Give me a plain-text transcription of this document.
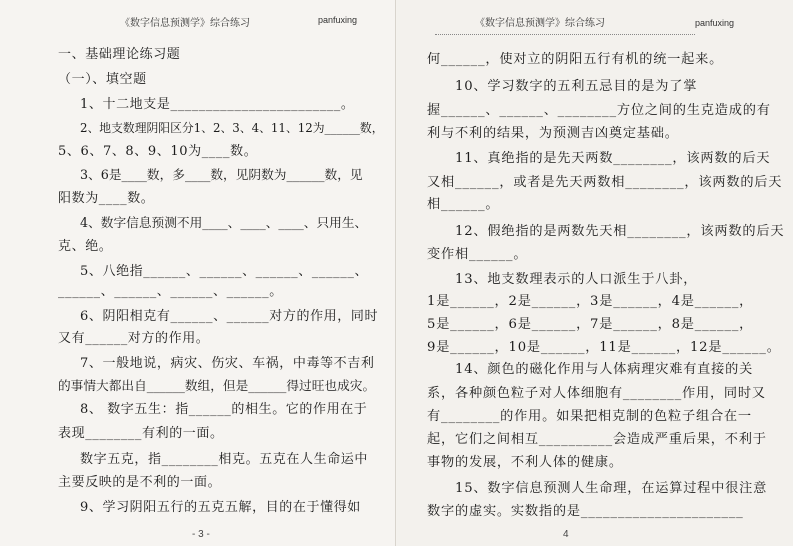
《数字信息预测学》综合练习	panfuxing
一、基础理论练习题
（一）、填空题
1、十二地支是________________________。
2、地支数理阴阳区分1、2、3、4、11、12为______数，
5、6、7、8、9、10为____数。
3、6是____数，多____数，见阴数为______数，见
阳数为____数。
4、数字信息预测不用____、____、____、只用生、
克、绝。
5、八绝指______、______、______、______、
______、______、______、______。
6、阴阳相克有______、______对方的作用，同时
又有______对方的作用。
7、一般地说，病灾、伤灾、车祸，中毒等不吉利
的事情大都出自______数组，但是______得过旺也成灾。
8、 数字五生：指______的相生。它的作用在于
表现________有利的一面。
数字五克，指________相克。五克在人生命运中
主要反映的是不利的一面。
9、学习阴阳五行的五克五解，目的在于懂得如
- 3 -
《数字信息预测学》综合练习	panfuxing
何______，使对立的阴阳五行有机的统一起来。
10、学习数字的五利五忌目的是为了掌
握______、______、________方位之间的生克造成的有
利与不利的结果，为预测吉凶奠定基础。
11、真绝指的是先天两数________，该两数的后天
又相______，或者是先天两数相________，该两数的后天
相______。
12、假绝指的是两数先天相________，该两数的后天
变作相______。
13、地支数理表示的人口派生于八卦，
1是______，2是______，3是______，4是______，
5是______，6是______，7是______，8是______，
9是______，10是______，11是______，12是______。
14、颜色的磁化作用与人体病理灾难有直接的关
系，各种颜色粒子对人体细胞有________作用，同时又
有________的作用。如果把相克制的色粒子组合在一
起，它们之间相互__________会造成严重后果，不利于
事物的发展，不利人体的健康。
15、数字信息预测人生命理，在运算过程中很注意
数字的虚实。实数指的是______________________
4
